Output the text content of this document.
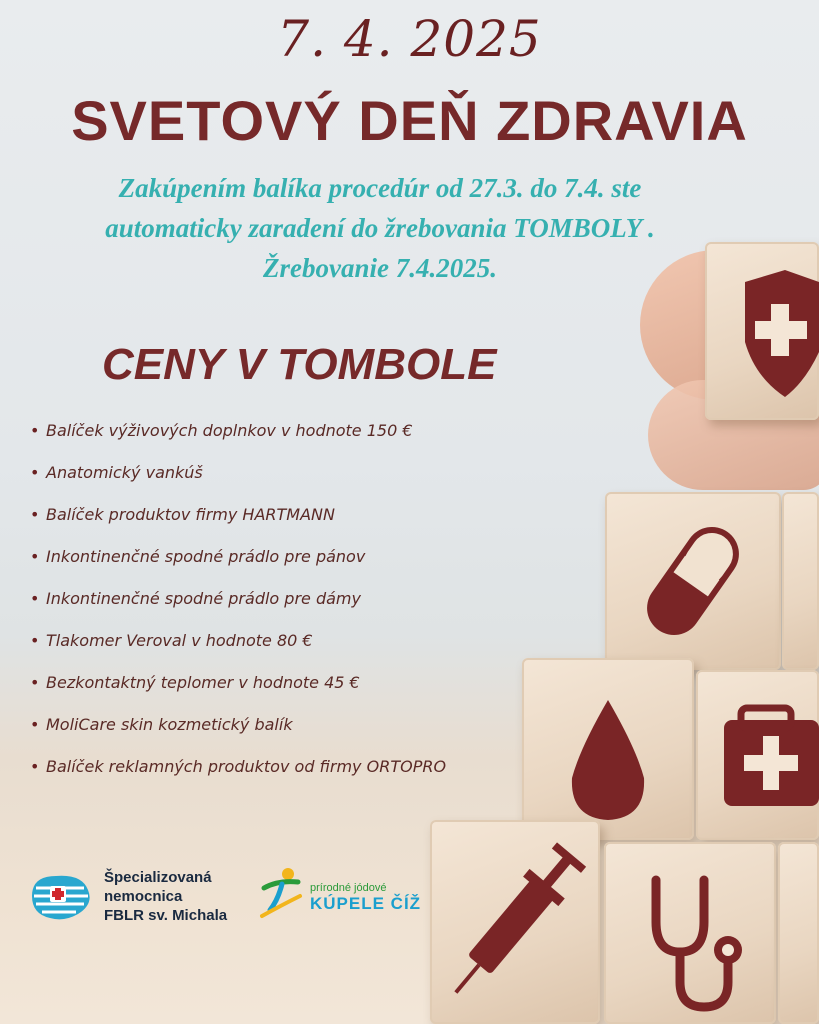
7. 4. 2025
SVETOVÝ DEŇ ZDRAVIA
Zakúpením balíka procedúr od 27.3. do 7.4. ste
automaticky zaradení do žrebovania TOMBOLY .
Žrebovanie 7.4.2025.
CENY V TOMBOLE
• Balíček výživových doplnkov v hodnote 150 €
• Anatomický vankúš
• Balíček produktov firmy HARTMANN
• Inkontinenčné spodné prádlo pre pánov
• Inkontinenčné spodné prádlo pre dámy
• Tlakomer Veroval v hodnote 80 €
• Bezkontaktný teplomer v hodnote 45 €
• MoliCare skin kozmetický balík
• Balíček reklamných produktov od firmy ORTOPRO
Špecializovaná
nemocnica
FBLR sv. Michala
prírodné jódové
KÚPELE ČÍŽ
